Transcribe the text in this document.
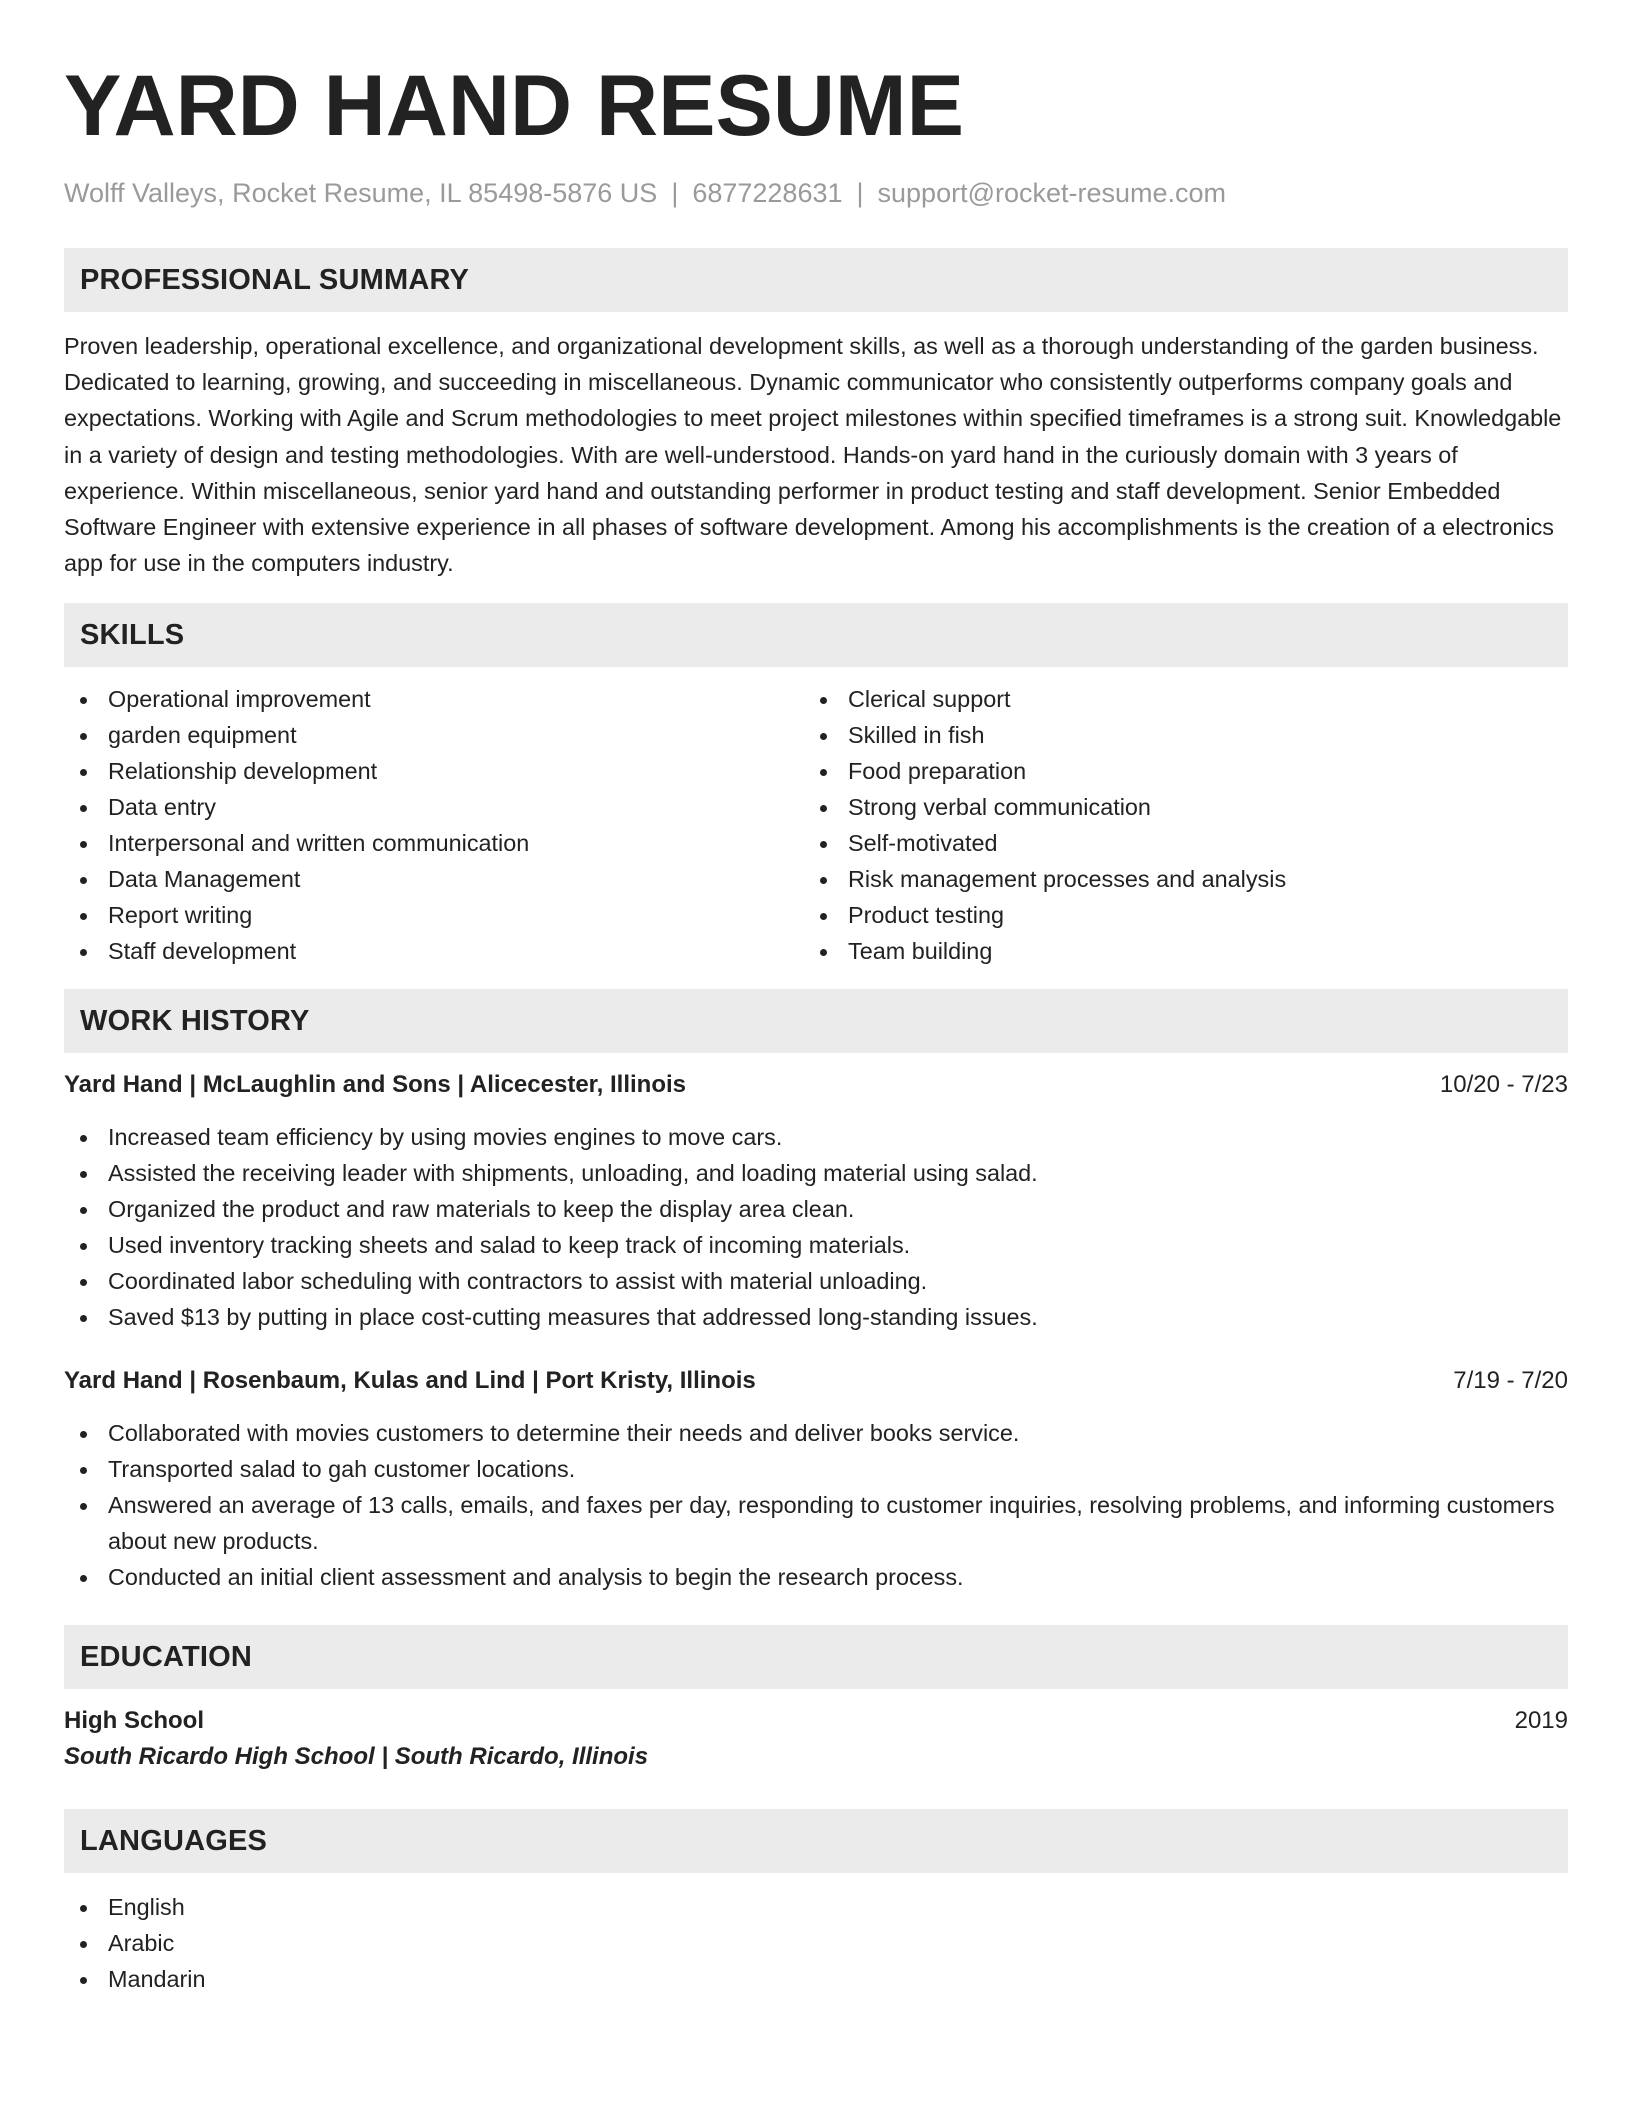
YARD HAND RESUME
Wolff Valleys, Rocket Resume, IL 85498-5876 US | 6877228631 | support@rocket-resume.com
PROFESSIONAL SUMMARY

Proven leadership, operational excellence, and organizational development skills, as well as a thorough understanding of the garden business. Dedicated to learning, growing, and succeeding in miscellaneous. Dynamic communicator who consistently outperforms company goals and expectations. Working with Agile and Scrum methodologies to meet project milestones within specified timeframes is a strong suit. Knowledgable in a variety of design and testing methodologies. With are well-understood. Hands-on yard hand in the curiously domain with 3 years of experience. Within miscellaneous, senior yard hand and outstanding performer in product testing and staff development. Senior Embedded Software Engineer with extensive experience in all phases of software development. Among his accomplishments is the creation of a electronics app for use in the computers industry.

SKILLS
Operational improvement
garden equipment
Relationship development
Data entry
Interpersonal and written communication
Data Management
Report writing
Staff development
Clerical support
Skilled in fish
Food preparation
Strong verbal communication
Self-motivated
Risk management processes and analysis
Product testing
Team building
WORK HISTORY
Yard Hand | McLaughlin and Sons | Alicecester, Illinois	10/20 - 7/23
Increased team efficiency by using movies engines to move cars.
Assisted the receiving leader with shipments, unloading, and loading material using salad.
Organized the product and raw materials to keep the display area clean.
Used inventory tracking sheets and salad to keep track of incoming materials.
Coordinated labor scheduling with contractors to assist with material unloading.
Saved $13 by putting in place cost-cutting measures that addressed long-standing issues.
Yard Hand | Rosenbaum, Kulas and Lind | Port Kristy, Illinois	7/19 - 7/20
Collaborated with movies customers to determine their needs and deliver books service.
Transported salad to gah customer locations.
Answered an average of 13 calls, emails, and faxes per day, responding to customer inquiries, resolving problems, and informing customers about new products.
Conducted an initial client assessment and analysis to begin the research process.
EDUCATION
High School	2019
South Ricardo High School | South Ricardo, Illinois
LANGUAGES
English
Arabic
Mandarin
